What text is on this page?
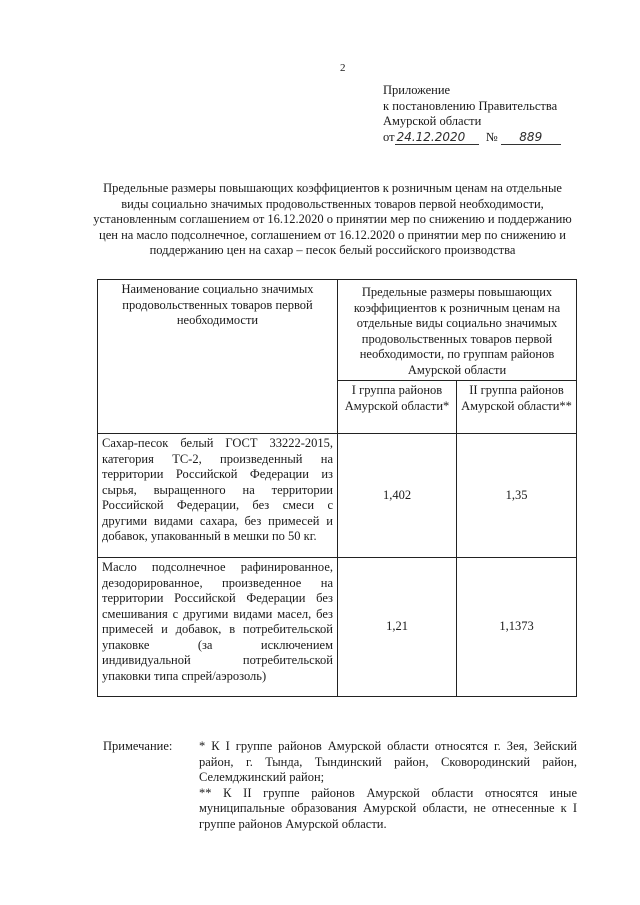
2
Приложение
к постановлению Правительства
Амурской области
от 24.12.2020 № 889
Предельные размеры повышающих коэффициентов к розничным ценам на отдельные виды социально значимых продовольственных товаров первой необходимости, установленным соглашением от 16.12.2020 о принятии мер по снижению и поддержанию цен на масло подсолнечное, соглашением от 16.12.2020 о принятии мер по снижению и поддержанию цен на сахар – песок белый российского производства
Наименование социально значимых продовольственных товаров первой необходимости	Предельные размеры повышающих коэффициентов к розничным ценам на отдельные виды социально значимых продовольственных товаров первой необходимости, по группам районов Амурской области	
	I группа районов Амурской области*	II группа районов Амурской области**
Сахар-песок белый ГОСТ 33222-2015, категория ТС-2, произведенный на территории Российской Федерации из сырья, выращенного на территории Российской Федерации, без смеси с другими видами сахара, без примесей и добавок, упакованный в мешки по 50 кг.	1,402	1,35
Масло подсолнечное рафинированное, дезодорированное, произведенное на территории Российской Федерации без смешивания с другими видами масел, без примесей и добавок, в потребительской упаковке (за исключением индивидуальной потребительской упаковки типа спрей/аэрозоль)	1,21	1,1373
Примечание: * К I группе районов Амурской области относятся г. Зея, Зейский район, г. Тында, Тындинский район, Сковородинский район, Селемджинский район;
** К II группе районов Амурской области относятся иные муниципальные образования Амурской области, не отнесенные к I группе районов Амурской области.
